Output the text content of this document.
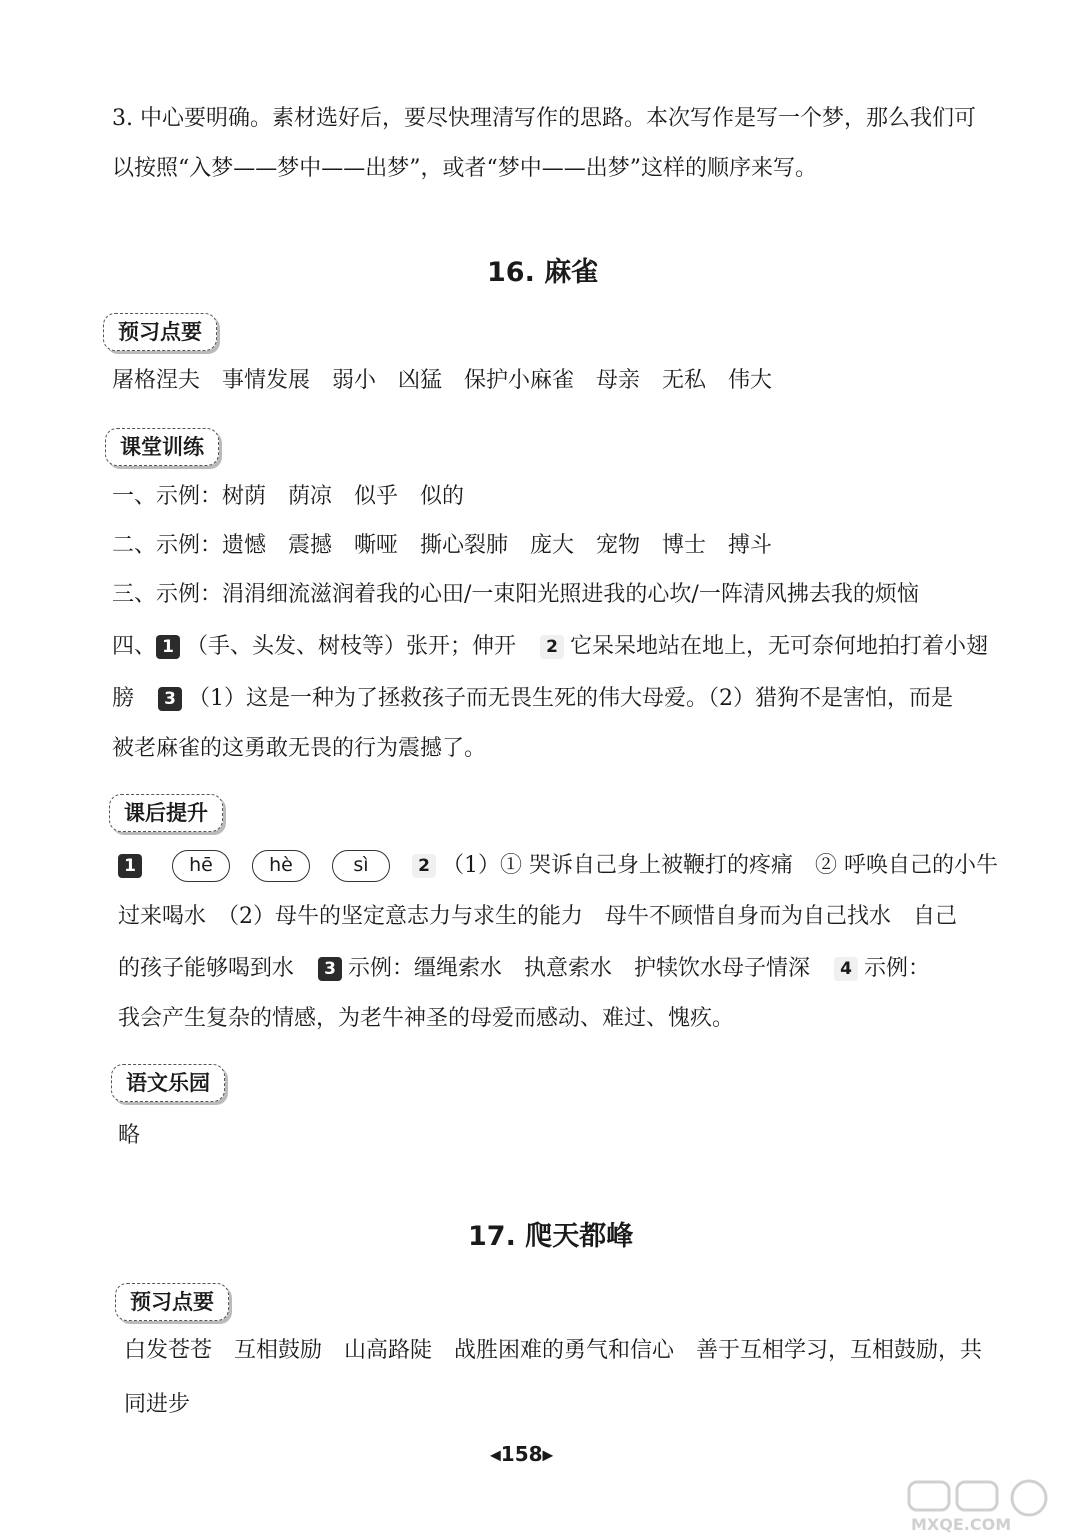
3. 中心要明确。素材选好后，要尽快理清写作的思路。本次写作是写一个梦，那么我们可
以按照“入梦——梦中——出梦”，或者“梦中——出梦”这样的顺序来写。
16. 麻雀
预习点要
屠格涅夫　事情发展　弱小　凶猛　保护小麻雀　母亲　无私　伟大
课堂训练
一、示例：树荫　荫凉　似乎　似的
二、示例：遗憾　震撼　嘶哑　撕心裂肺　庞大　宠物　博士　搏斗
三、示例：涓涓细流滋润着我的心田/一束阳光照进我的心坎/一阵清风拂去我的烦恼
四、 1 （手、头发、树枝等）张开；伸开 2 它呆呆地站在地上，无可奈何地拍打着小翅
膀 3 （1）这是一种为了拯救孩子而无畏生死的伟大母爱。（2）猎狗不是害怕，而是
被老麻雀的这勇敢无畏的行为震撼了。
课后提升
1	hē	hè	sì	2 （1）① 哭诉自己身上被鞭打的疼痛　② 呼唤自己的小牛
过来喝水　（2）母牛的坚定意志力与求生的能力　母牛不顾惜自身而为自己找水　自己
的孩子能够喝到水 3 示例：缰绳索水　执意索水　护犊饮水母子情深 4 示例：
我会产生复杂的情感，为老牛神圣的母爱而感动、难过、愧疚。
语文乐园
略
17. 爬天都峰
预习点要
白发苍苍　互相鼓励　山高路陡　战胜困难的勇气和信心　善于互相学习，互相鼓励，共
同进步
◀158▶
MXQE.COM
